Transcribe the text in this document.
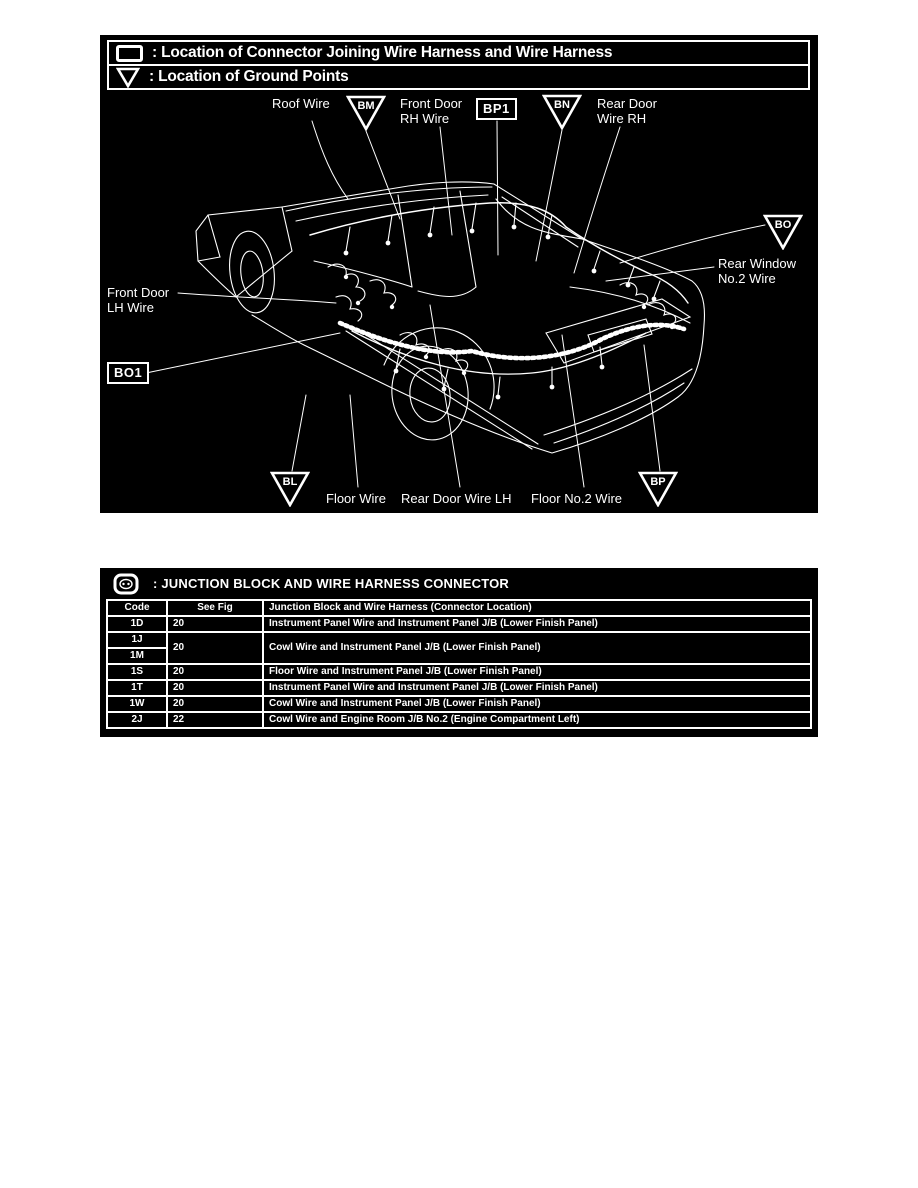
: Location of Connector Joining Wire Harness and Wire Harness
: Location of Ground Points
Roof Wire	Front Door
RH Wire
Rear Door
Wire RH
Rear Window
No.2 Wire
Front Door
LH Wire
Floor Wire Rear Door Wire LH Floor No.2 Wire
BM	BN
BO
BL	BP
BP1
BO1
: JUNCTION BLOCK AND WIRE HARNESS CONNECTOR
Code	See Fig	Junction Block and Wire Harness (Connector Location)
1D	20	Instrument Panel Wire and Instrument Panel J/B (Lower Finish Panel)
1J	20	Cowl Wire and Instrument Panel J/B (Lower Finish Panel)
1M		
1S	20	Floor Wire and Instrument Panel J/B (Lower Finish Panel)
1T	20	Instrument Panel Wire and Instrument Panel J/B (Lower Finish Panel)
1W	20	Cowl Wire and Instrument Panel J/B (Lower Finish Panel)
2J	22	Cowl Wire and Engine Room J/B No.2 (Engine Compartment Left)
